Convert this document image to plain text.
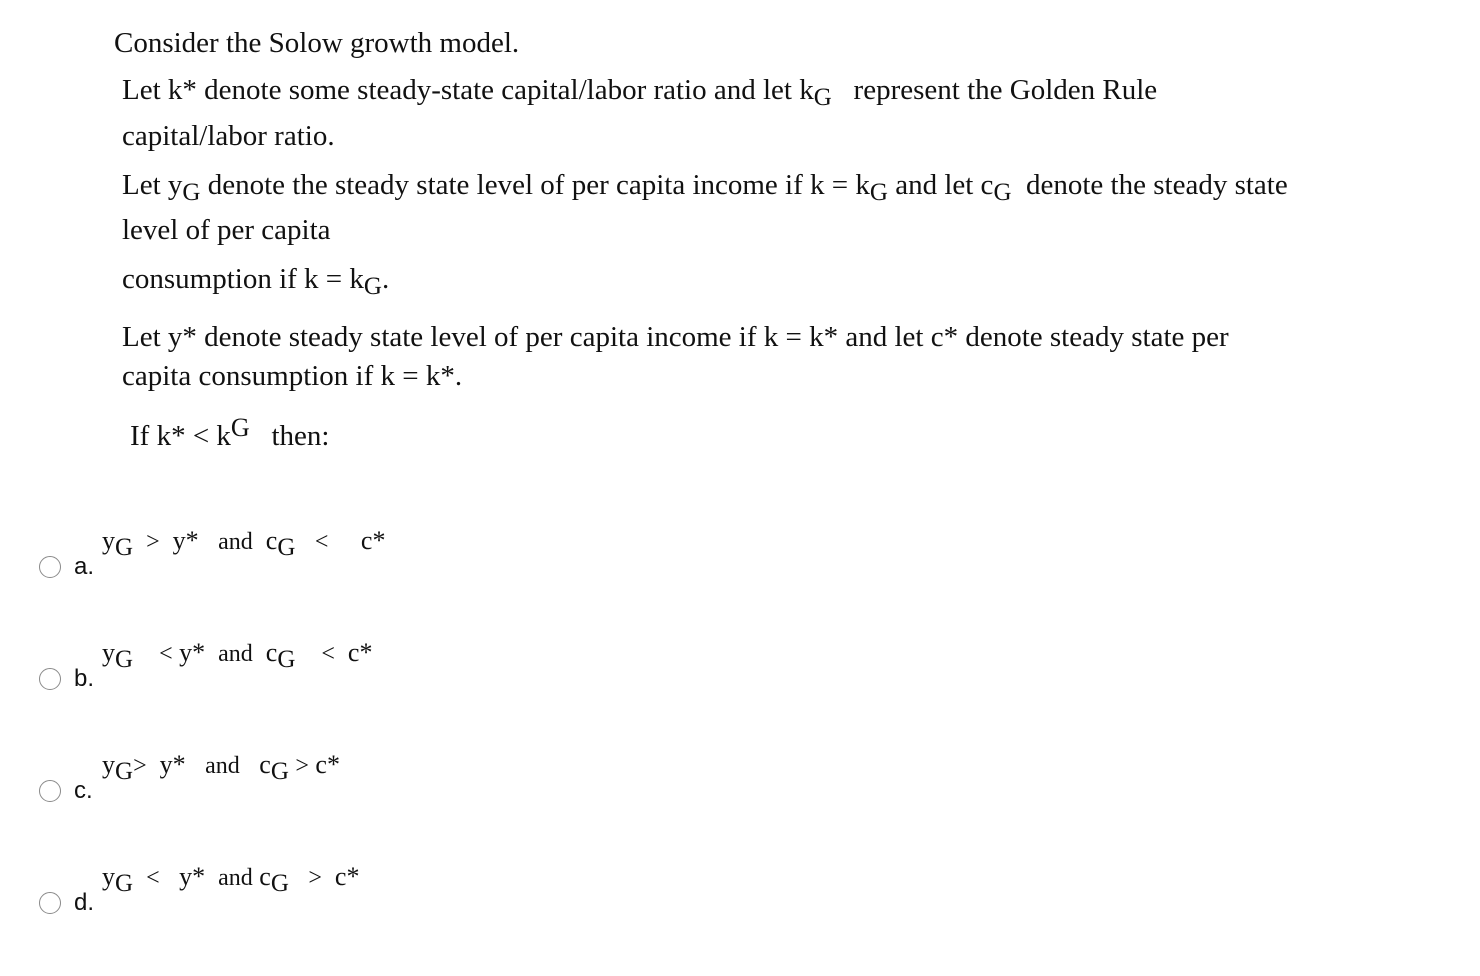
Consider the Solow growth model.
Let k* denote some steady-state capital/labor ratio and let kG represent the Golden Rule
capital/labor ratio.
Let yG denote the steady state level of per capita income if k = kG and let cG denote the steady state
level of per capita
consumption if k = kG.
Let y* denote steady state level of per capita income if k = k* and let c* denote steady state per
capita consumption if k = k*.
If k* < kG then:
a.
yG > y* and cG < c*
b.
yG < y* and cG < c*
c.
yG> y* and cG > c*
d.
yG < y* and cG > c*
